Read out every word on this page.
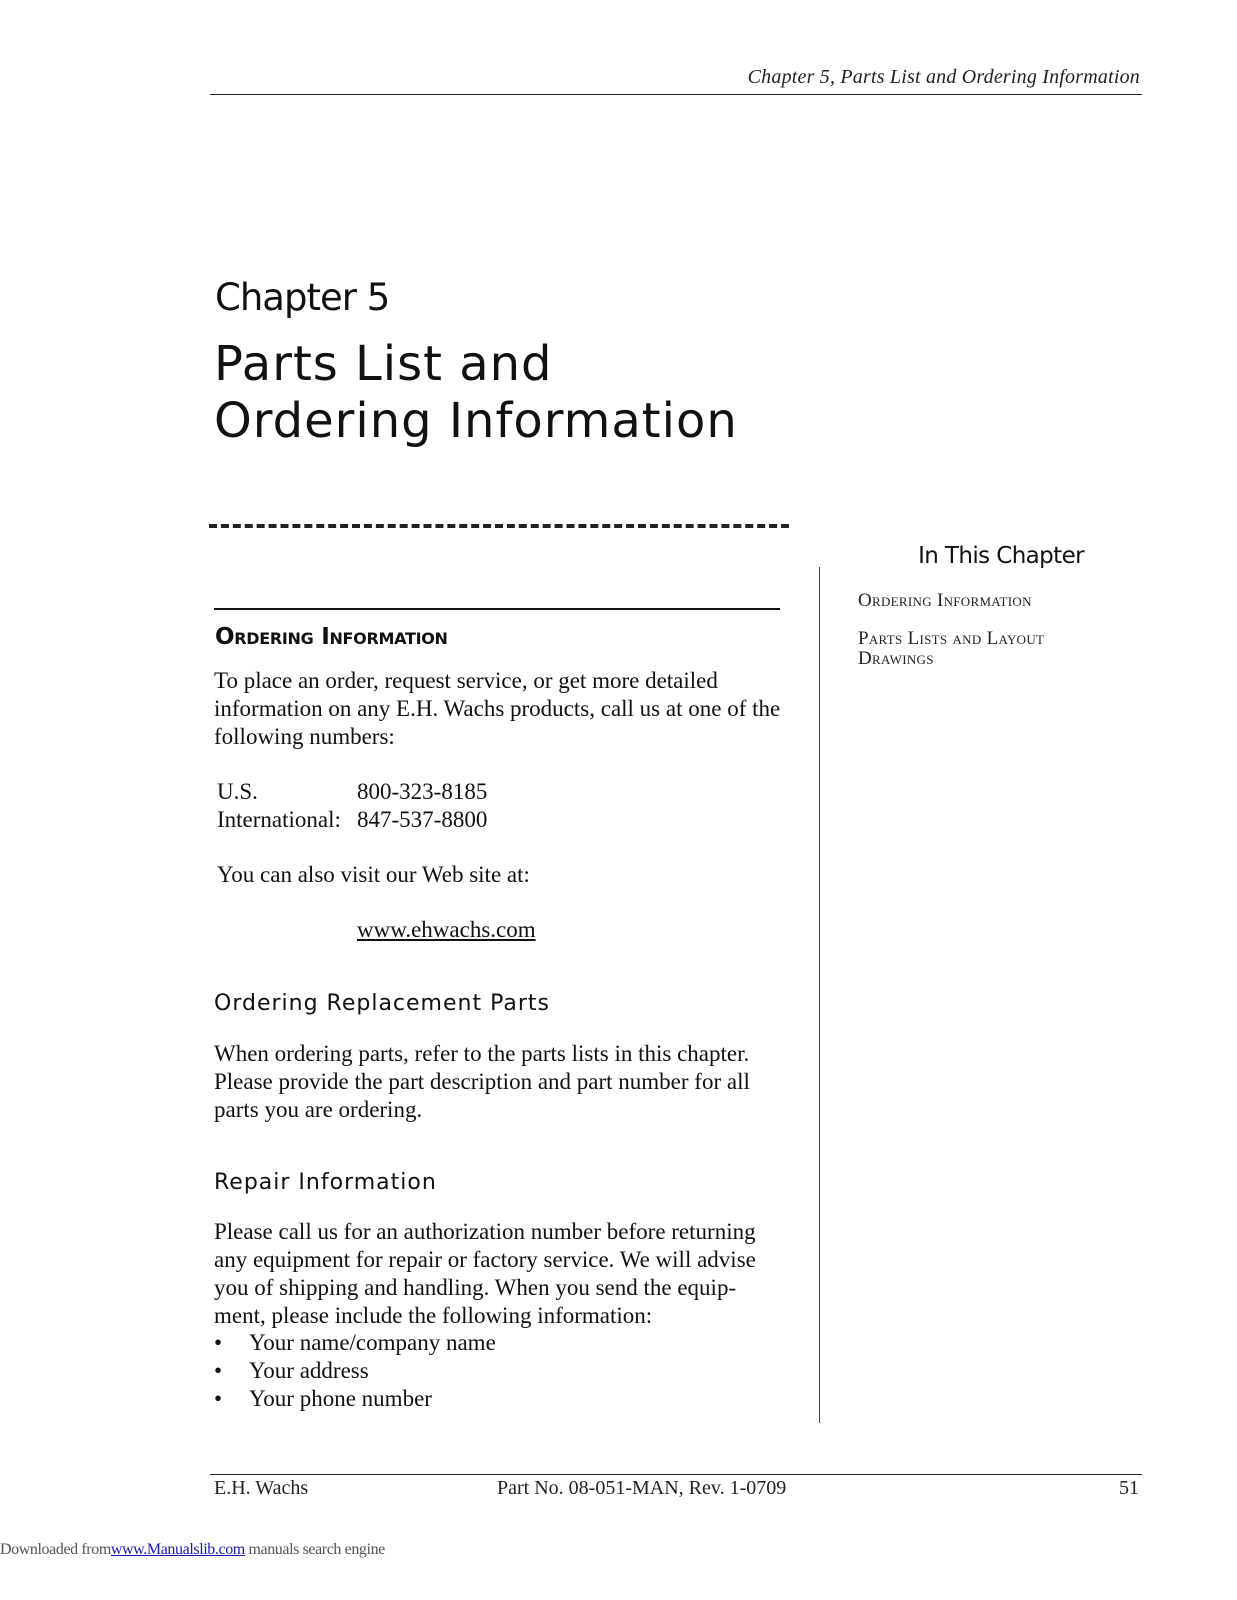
Chapter 5, Parts List and Ordering Information
Chapter 5
Parts List and
Ordering Information
In This Chapter
Ordering Information
Parts Lists and Layout Drawings
Ordering Information
To place an order, request service, or get more detailed information on any E.H. Wachs products, call us at one of the following numbers:
U.S.	800-323-8185
International: 847-537-8800
You can also visit our Web site at:
www.ehwachs.com
Ordering Replacement Parts
When ordering parts, refer to the parts lists in this chapter. Please provide the part description and part number for all parts you are ordering.
Repair Information
Please call us for an authorization number before returning any equipment for repair or factory service. We will advise you of shipping and handling. When you send the equip- ment, please include the following information:
•	Your name/company name
•	Your address
•	Your phone number
E.H. Wachs	Part No. 08-051-MAN, Rev. 1-0709	51
Downloaded fromwww.Manualslib.com manuals search engine
